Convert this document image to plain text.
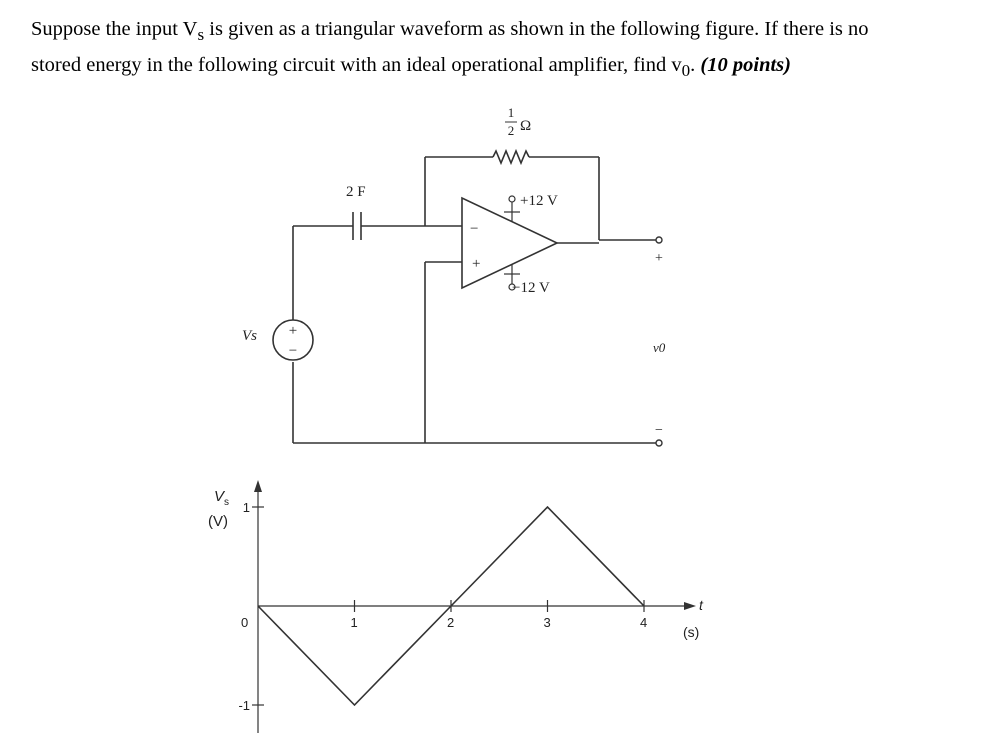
Suppose the input $V_s$ is given as a triangular waveform as shown in the following figure. If there is no
stored energy in the following circuit with an ideal operational amplifier, find $v_0$. (10 points)

1
2 Ω
2 F
+12 V
−12 V
−
+
Vs +
−
+
v0
−
V s
(V)
0
t
(s)
1	2	3	4
1
-1
